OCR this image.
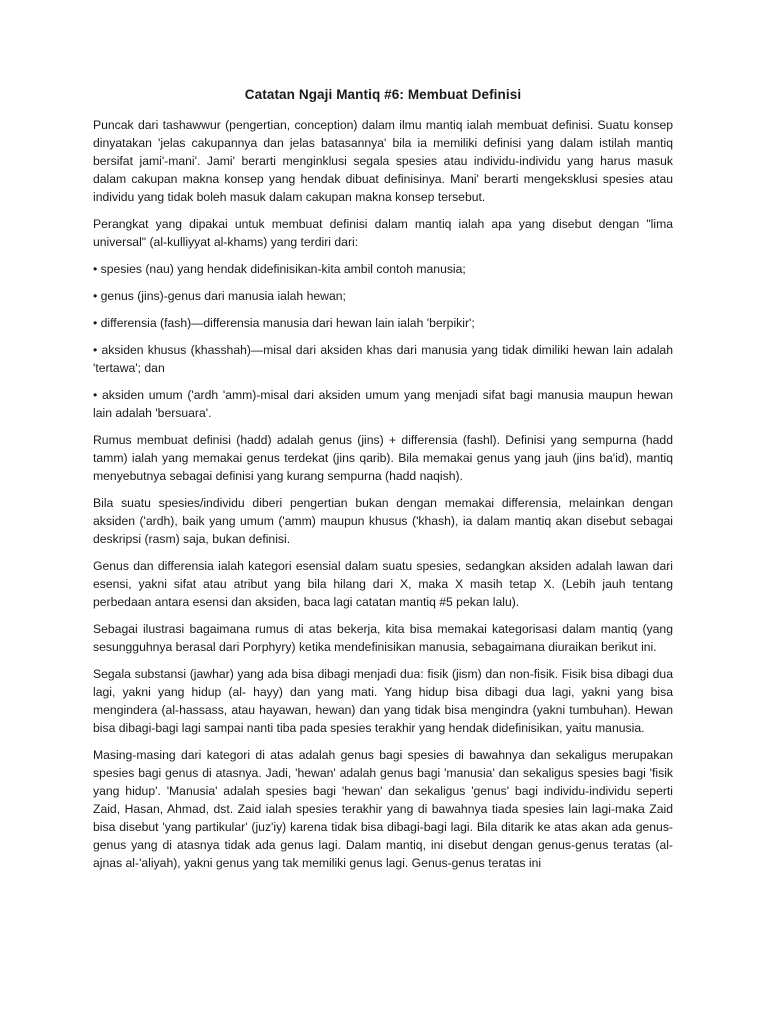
Catatan Ngaji Mantiq #6: Membuat Definisi

Puncak dari tashawwur (pengertian, conception) dalam ilmu mantiq ialah membuat definisi. Suatu konsep dinyatakan 'jelas cakupannya dan jelas batasannya' bila ia memiliki definisi yang dalam istilah mantiq bersifat jami'-mani'. Jami' berarti menginklusi segala spesies atau individu-individu yang harus masuk dalam cakupan makna konsep yang hendak dibuat definisinya. Mani' berarti mengeksklusi spesies atau individu yang tidak boleh masuk dalam cakupan makna konsep tersebut.

Perangkat yang dipakai untuk membuat definisi dalam mantiq ialah apa yang disebut dengan "lima universal" (al-kulliyyat al-khams) yang terdiri dari:

• spesies (nau) yang hendak didefinisikan-kita ambil contoh manusia;

• genus (jins)-genus dari manusia ialah hewan;

• differensia (fash)—differensia manusia dari hewan lain ialah 'berpikir';

• aksiden khusus (khasshah)—misal dari aksiden khas dari manusia yang tidak dimiliki hewan lain adalah 'tertawa'; dan

• aksiden umum ('ardh 'amm)-misal dari aksiden umum yang menjadi sifat bagi manusia maupun hewan lain adalah 'bersuara'.

Rumus membuat definisi (hadd) adalah genus (jins) + differensia (fashl). Definisi yang sempurna (hadd tamm) ialah yang memakai genus terdekat (jins qarib). Bila memakai genus yang jauh (jins ba'id), mantiq menyebutnya sebagai definisi yang kurang sempurna (hadd naqish).

Bila suatu spesies/individu diberi pengertian bukan dengan memakai differensia, melainkan dengan aksiden ('ardh), baik yang umum ('amm) maupun khusus ('khash), ia dalam mantiq akan disebut sebagai deskripsi (rasm) saja, bukan definisi.

Genus dan differensia ialah kategori esensial dalam suatu spesies, sedangkan aksiden adalah lawan dari esensi, yakni sifat atau atribut yang bila hilang dari X, maka X masih tetap X. (Lebih jauh tentang perbedaan antara esensi dan aksiden, baca lagi catatan mantiq #5 pekan lalu).

Sebagai ilustrasi bagaimana rumus di atas bekerja, kita bisa memakai kategorisasi dalam mantiq (yang sesungguhnya berasal dari Porphyry) ketika mendefinisikan manusia, sebagaimana diuraikan berikut ini.

Segala substansi (jawhar) yang ada bisa dibagi menjadi dua: fisik (jism) dan non-fisik. Fisik bisa dibagi dua lagi, yakni yang hidup (al- hayy) dan yang mati. Yang hidup bisa dibagi dua lagi, yakni yang bisa mengindera (al-hassass, atau hayawan, hewan) dan yang tidak bisa mengindra (yakni tumbuhan). Hewan bisa dibagi-bagi lagi sampai nanti tiba pada spesies terakhir yang hendak didefinisikan, yaitu manusia.

Masing-masing dari kategori di atas adalah genus bagi spesies di bawahnya dan sekaligus merupakan spesies bagi genus di atasnya. Jadi, 'hewan' adalah genus bagi 'manusia' dan sekaligus spesies bagi 'fisik yang hidup'. 'Manusia' adalah spesies bagi 'hewan' dan sekaligus 'genus' bagi individu-individu seperti Zaid, Hasan, Ahmad, dst. Zaid ialah spesies terakhir yang di bawahnya tiada spesies lain lagi-maka Zaid bisa disebut 'yang partikular' (juz'iy) karena tidak bisa dibagi-bagi lagi. Bila ditarik ke atas akan ada genus-genus yang di atasnya tidak ada genus lagi. Dalam mantiq, ini disebut dengan genus-genus teratas (al-ajnas al-'aliyah), yakni genus yang tak memiliki genus lagi. Genus-genus teratas ini
